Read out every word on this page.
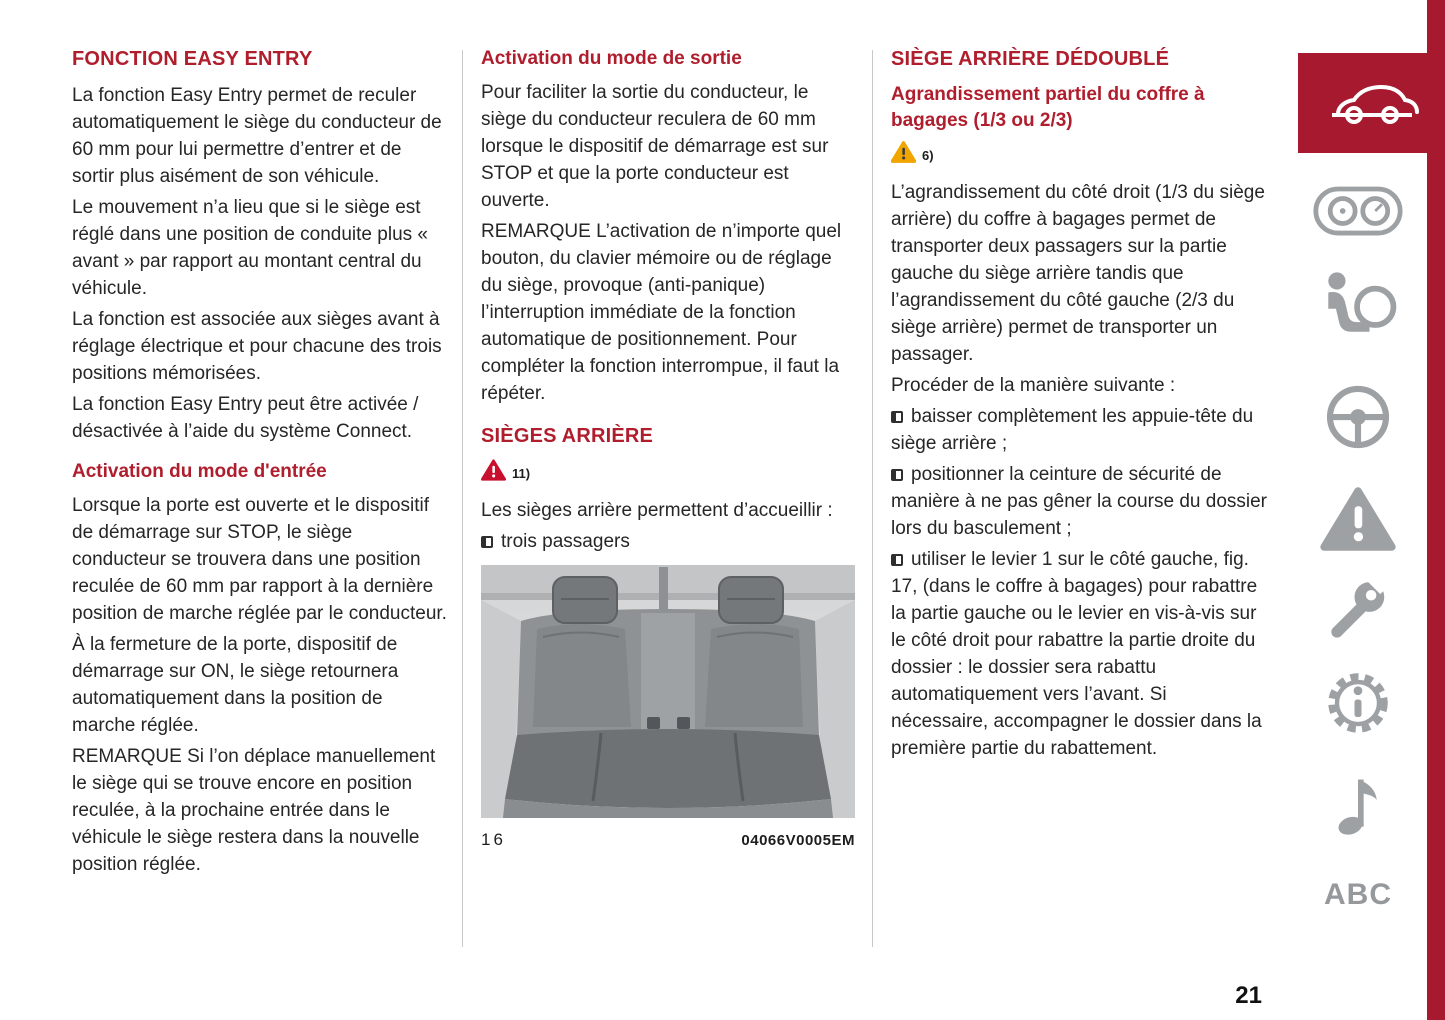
FONCTION EASY ENTRY

La fonction Easy Entry permet de reculer automatiquement le siège du conducteur de 60 mm pour lui permettre d’entrer et de sortir plus aisément de son véhicule.

Le mouvement n’a lieu que si le siège est réglé dans une position de conduite plus « avant » par rapport au montant central du véhicule.

La fonction est associée aux sièges avant à réglage électrique et pour chacune des trois positions mémorisées.

La fonction Easy Entry peut être activée / désactivée à l’aide du système Connect.

Activation du mode d'entrée

Lorsque la porte est ouverte et le dispositif de démarrage sur STOP, le siège conducteur se trouvera dans une position reculée de 60 mm par rapport à la dernière position de marche réglée par le conducteur.

À la fermeture de la porte, dispositif de démarrage sur ON, le siège retournera automatiquement dans la position de marche réglée.

REMARQUE Si l’on déplace manuellement le siège qui se trouve encore en position reculée, à la prochaine entrée dans le véhicule le siège restera dans la nouvelle position réglée.

Activation du mode de sortie

Pour faciliter la sortie du conducteur, le siège du conducteur reculera de 60 mm lorsque le dispositif de démarrage est sur STOP et que la porte conducteur est ouverte.

REMARQUE L’activation de n’importe quel bouton, du clavier mémoire ou de réglage du siège, provoque (anti-panique) l’interruption immédiate de la fonction automatique de positionnement. Pour compléter la fonction interrompue, il faut la répéter.

SIÈGES ARRIÈRE
11)

Les sièges arrière permettent d’accueillir :

trois passagers

16	04066V0005EM
SIÈGE ARRIÈRE DÉDOUBLÉ
Agrandissement partiel du coffre à bagages (1/3 ou 2/3)
6)

L’agrandissement du côté droit (1/3 du siège arrière) du coffre à bagages permet de transporter deux passagers sur la partie gauche du siège arrière tandis que l’agrandissement du côté gauche (2/3 du siège arrière) permet de transporter un passager.

Procéder de la manière suivante :

baisser complètement les appuie-tête du siège arrière ;

positionner la ceinture de sécurité de manière à ne pas gêner la course du dossier lors du basculement ;

utiliser le levier 1 sur le côté gauche, fig. 17, (dans le coffre à bagages) pour rabattre la partie gauche ou le levier en vis-à-vis sur le côté droit pour rabattre la partie droite du dossier : le dossier sera rabattu automatiquement vers l’avant. Si nécessaire, accompagner le dossier dans la première partie du rabattement.

ABC
21
